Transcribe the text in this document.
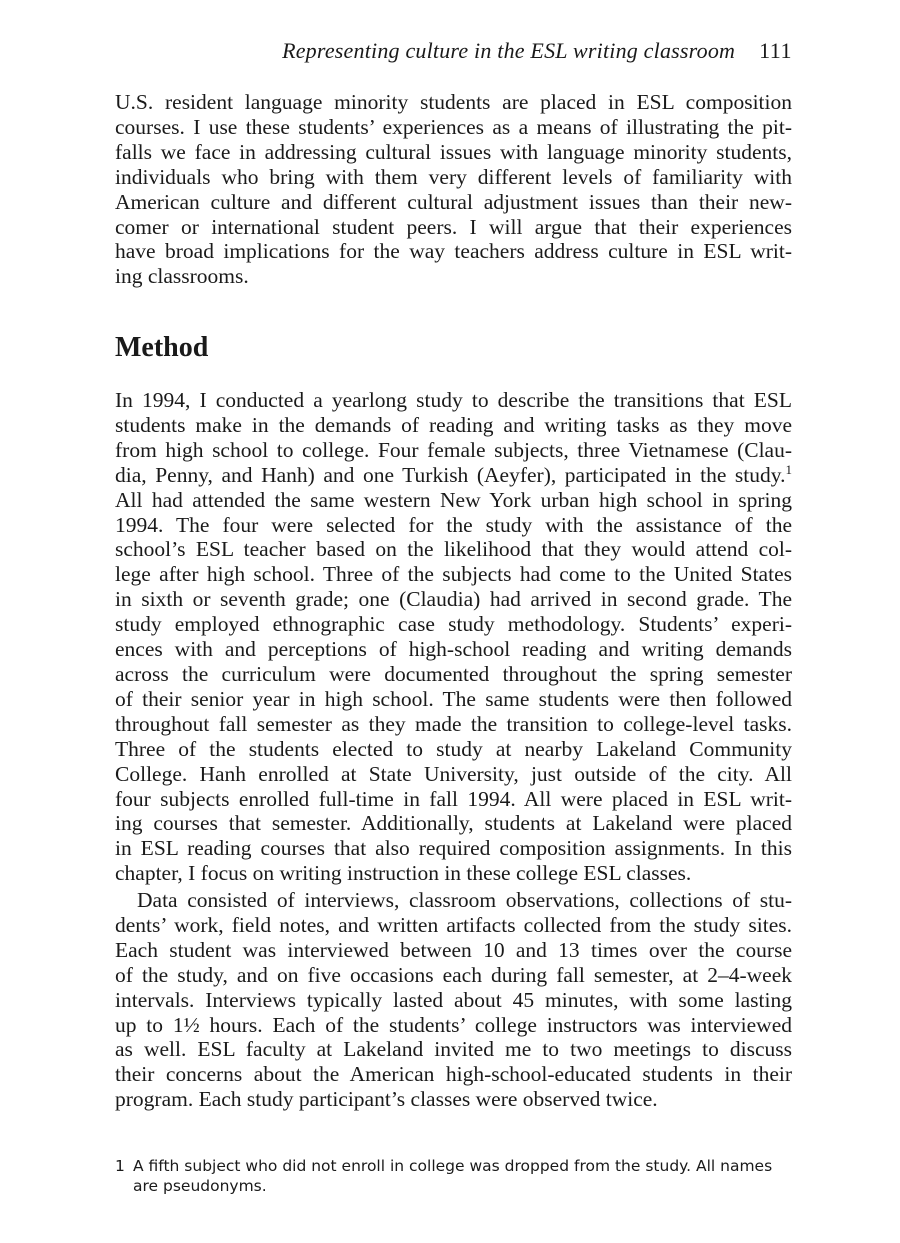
Representing culture in the ESL writing classroom 111
U.S. resident language minority students are placed in ESL composition
courses. I use these students’ experiences as a means of illustrating the pit-
falls we face in addressing cultural issues with language minority students,
individuals who bring with them very different levels of familiarity with
American culture and different cultural adjustment issues than their new-
comer or international student peers. I will argue that their experiences
have broad implications for the way teachers address culture in ESL writ-
ing classrooms.
Method
In 1994, I conducted a yearlong study to describe the transitions that ESL
students make in the demands of reading and writing tasks as they move
from high school to college. Four female subjects, three Vietnamese (Clau-
dia, Penny, and Hanh) and one Turkish (Aeyfer), participated in the study.$^1$
All had attended the same western New York urban high school in spring
1994. The four were selected for the study with the assistance of the
school’s ESL teacher based on the likelihood that they would attend col-
lege after high school. Three of the subjects had come to the United States
in sixth or seventh grade; one (Claudia) had arrived in second grade. The
study employed ethnographic case study methodology. Students’ experi-
ences with and perceptions of high-school reading and writing demands
across the curriculum were documented throughout the spring semester
of their senior year in high school. The same students were then followed
throughout fall semester as they made the transition to college-level tasks.
Three of the students elected to study at nearby Lakeland Community
College. Hanh enrolled at State University, just outside of the city. All
four subjects enrolled full-time in fall 1994. All were placed in ESL writ-
ing courses that semester. Additionally, students at Lakeland were placed
in ESL reading courses that also required composition assignments. In this
chapter, I focus on writing instruction in these college ESL classes.
Data consisted of interviews, classroom observations, collections of stu-
dents’ work, field notes, and written artifacts collected from the study sites.
Each student was interviewed between 10 and 13 times over the course
of the study, and on five occasions each during fall semester, at 2–4-week
intervals. Interviews typically lasted about 45 minutes, with some lasting
up to 1½ hours. Each of the students’ college instructors was interviewed
as well. ESL faculty at Lakeland invited me to two meetings to discuss
their concerns about the American high-school-educated students in their
program. Each study participant’s classes were observed twice.
1 A fifth subject who did not enroll in college was dropped from the study. All names
are pseudonyms.
